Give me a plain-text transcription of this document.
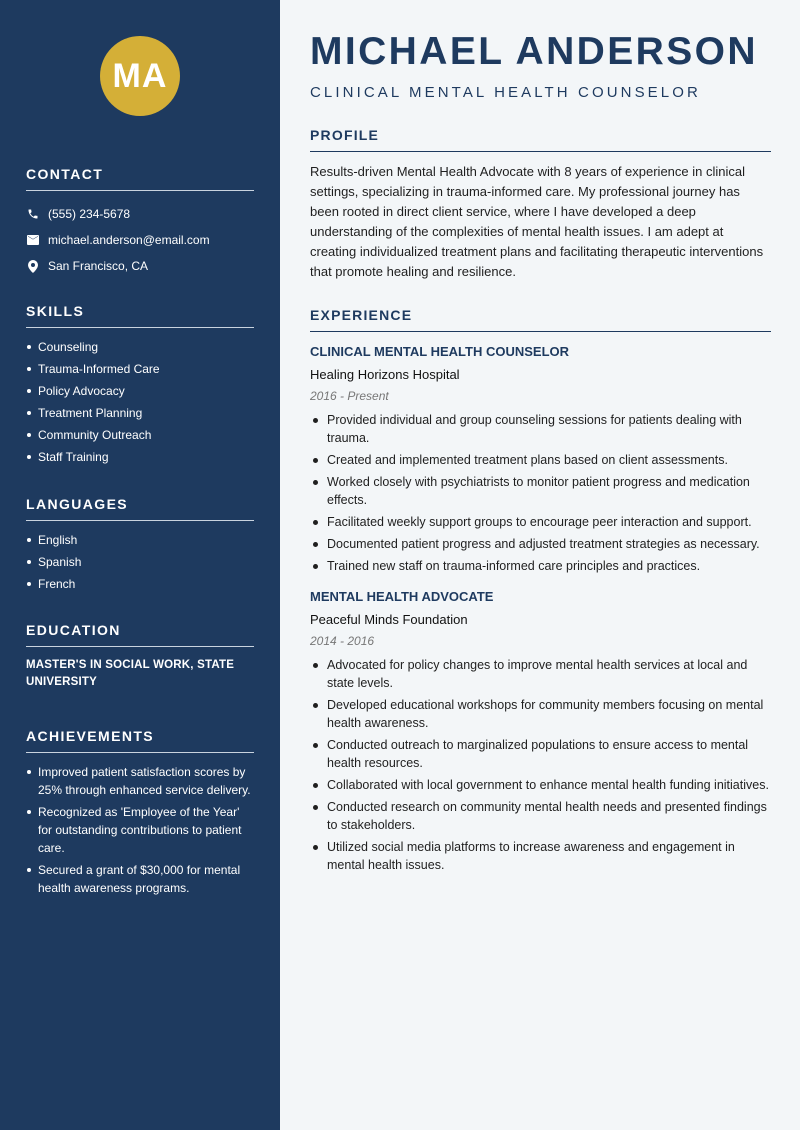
MA
CONTACT
(555) 234-5678
michael.anderson@email.com
San Francisco, CA
SKILLS
Counseling
Trauma-Informed Care
Policy Advocacy
Treatment Planning
Community Outreach
Staff Training
LANGUAGES
English
Spanish
French
EDUCATION
MASTER'S IN SOCIAL WORK, STATE UNIVERSITY
ACHIEVEMENTS
Improved patient satisfaction scores by 25% through enhanced service delivery.
Recognized as 'Employee of the Year' for outstanding contributions to patient care.
Secured a grant of $30,000 for mental health awareness programs.
MICHAEL ANDERSON
CLINICAL MENTAL HEALTH COUNSELOR
PROFILE

Results-driven Mental Health Advocate with 8 years of experience in clinical settings, specializing in trauma-informed care. My professional journey has been rooted in direct client service, where I have developed a deep understanding of the complexities of mental health issues. I am adept at creating individualized treatment plans and facilitating therapeutic interventions that promote healing and resilience.

EXPERIENCE
CLINICAL MENTAL HEALTH COUNSELOR
Healing Horizons Hospital
2016 - Present
Provided individual and group counseling sessions for patients dealing with trauma.
Created and implemented treatment plans based on client assessments.
Worked closely with psychiatrists to monitor patient progress and medication effects.
Facilitated weekly support groups to encourage peer interaction and support.
Documented patient progress and adjusted treatment strategies as necessary.
Trained new staff on trauma-informed care principles and practices.
MENTAL HEALTH ADVOCATE
Peaceful Minds Foundation
2014 - 2016
Advocated for policy changes to improve mental health services at local and state levels.
Developed educational workshops for community members focusing on mental health awareness.
Conducted outreach to marginalized populations to ensure access to mental health resources.
Collaborated with local government to enhance mental health funding initiatives.
Conducted research on community mental health needs and presented findings to stakeholders.
Utilized social media platforms to increase awareness and engagement in mental health issues.
